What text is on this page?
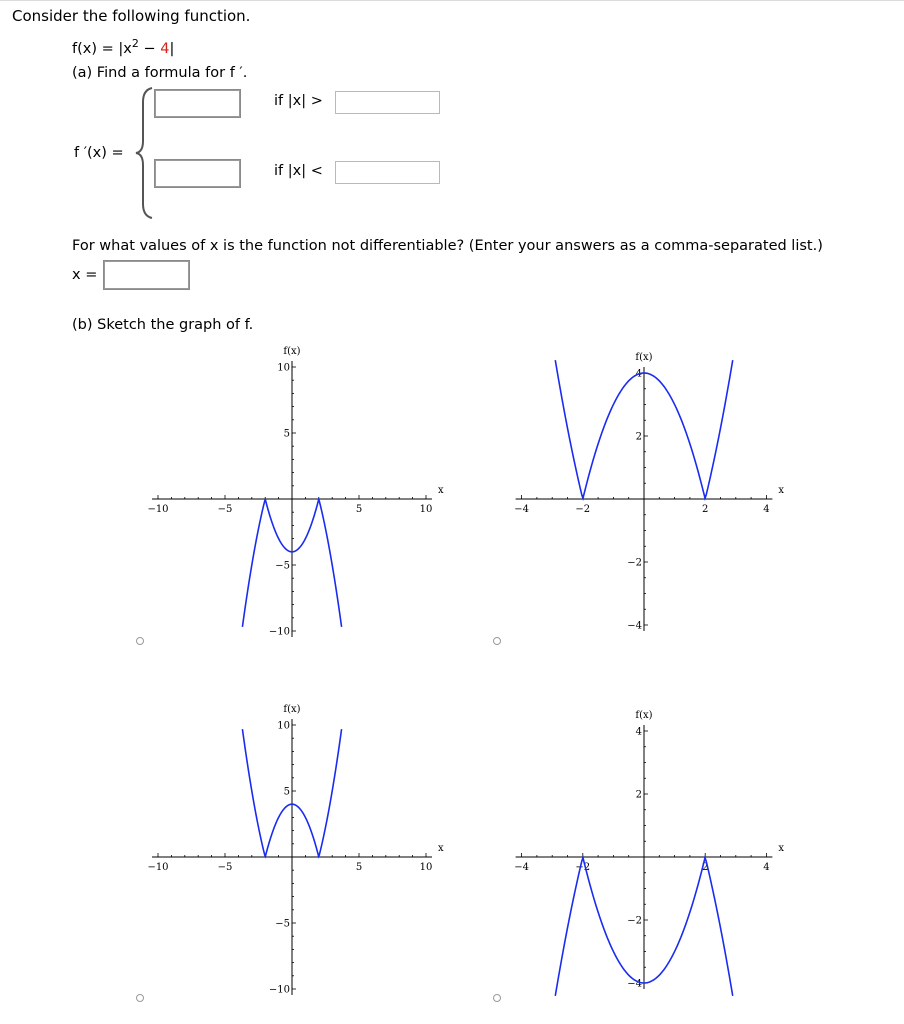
Consider the following function.
$f(x) = |x^2 - 4|$
(a) Find a formula for f ′.
f ′(x) =
if |x| >
if |x| <
For what values of x is the function not differentiable? (Enter your answers as a comma-separated list.)
x =
(b) Sketch the graph of f.
−10	−5	5	10
−10
−5
5
10
f(x)
x
−4	−2	2	4
−4
−2
2
4
f(x)
x
−10	−5	5	10
−10
−5
5
10
f(x)
x
−4	−2	2	4
−4
−2
2
4
f(x)
x
